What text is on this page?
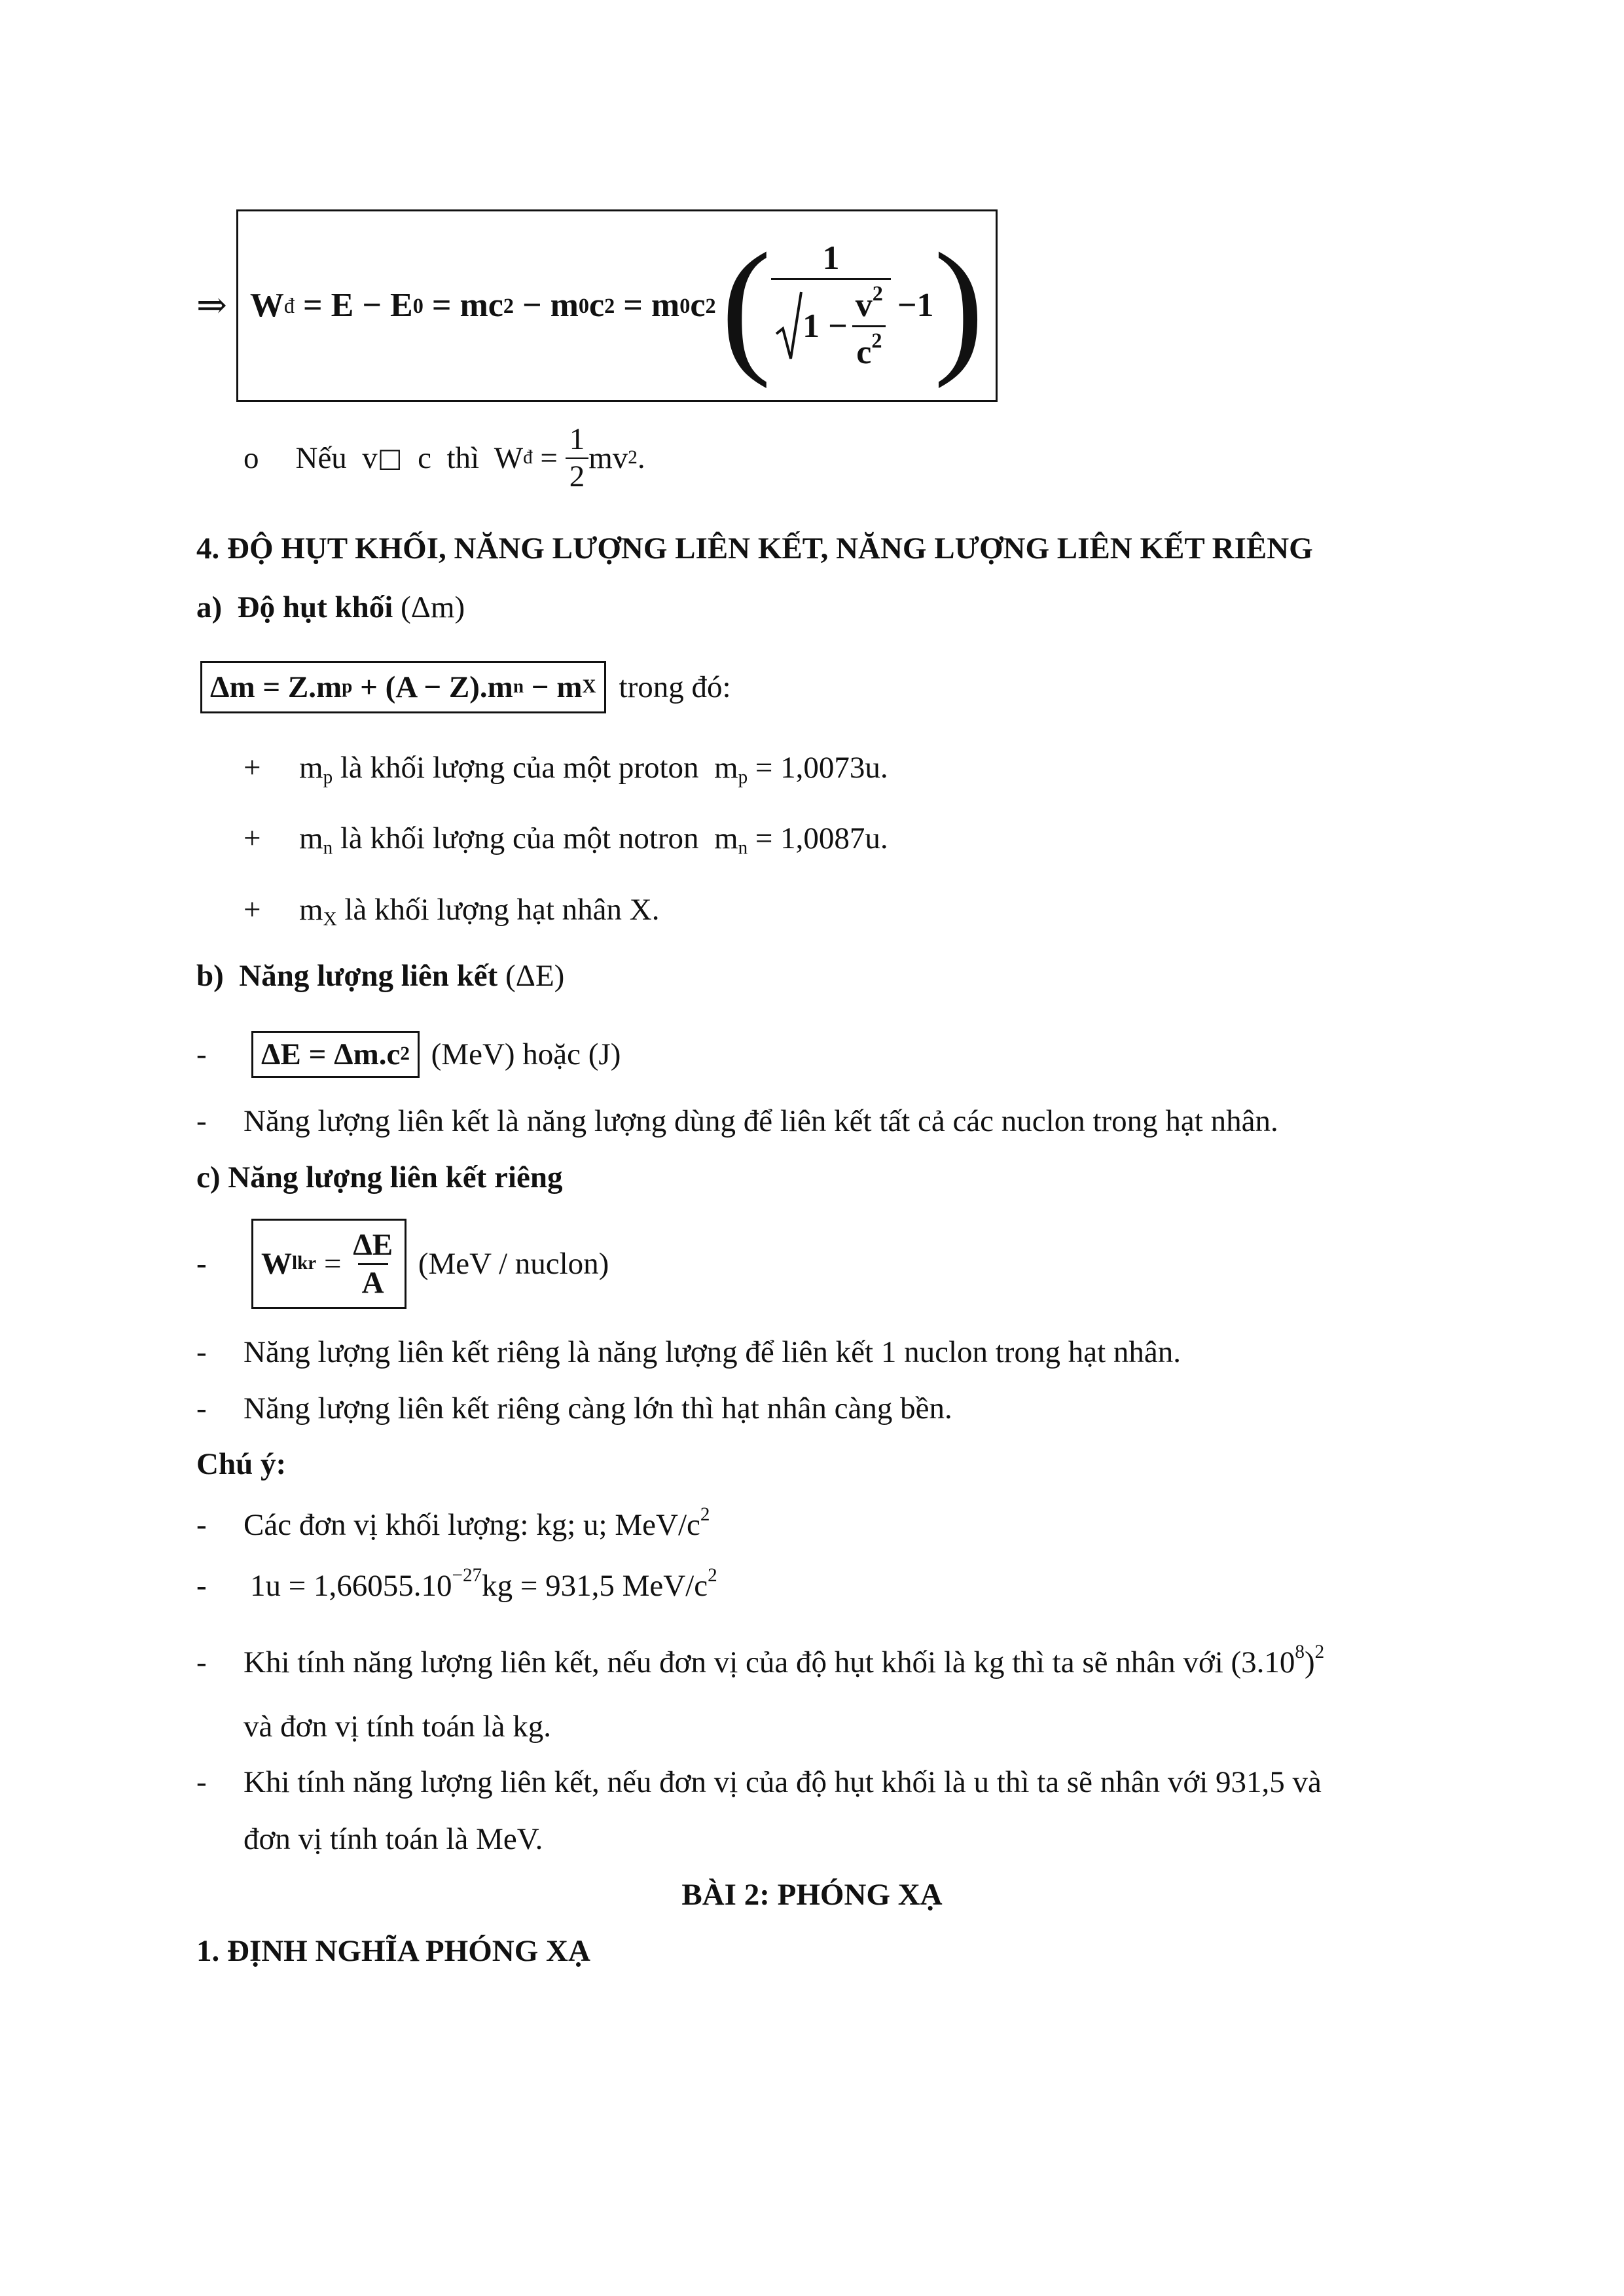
⇒ W đ = E − E 0 = mc 2 − m 0 c 2 = m 0 c 2 ( $\frac{1}{1 - \frac{v^2}{c^2}} -1$ )
o Nếu  v □ c  thì  W đ = $\frac{1}{2}$ mv 2 .
4. ĐỘ HỤT KHỐI, NĂNG LƯỢNG LIÊN KẾT, NĂNG LƯỢNG LIÊN KẾT RIÊNG
a)  Độ hụt khối (Δm)
Δm = Z.m p + (A − Z).m n − m X trong đó:
+ $m_p$ là khối lượng của một proton  $m_p = 1,0073u$.
+ $m_n$ là khối lượng của một notron  $m_n = 1,0087u$.
+ $m_X$ là khối lượng hạt nhân X.
b)  Năng lượng liên kết (ΔE)
-	ΔE = Δm.c 2 (MeV) hoặc (J)
- Năng lượng liên kết là năng lượng dùng để liên kết tất cả các nuclon trong hạt nhân.
c) Năng lượng liên kết riêng
-	W lkr = $\frac{\Delta E}{A} (MeV$ / nuclon)
- Năng lượng liên kết riêng là năng lượng để liên kết 1 nuclon trong hạt nhân.
- Năng lượng liên kết riêng càng lớn thì hạt nhân càng bền.
Chú ý:
- Các đơn vị khối lượng: kg; u; MeV/$c^2$
- $1u = 1,66055.10^{-27}kg = 931,5$ MeV/$c^2$
- Khi tính năng lượng liên kết, nếu đơn vị của độ hụt khối là kg thì ta sẽ nhân với $(3.10^8)^2$
và đơn vị tính toán là kg.
- Khi tính năng lượng liên kết, nếu đơn vị của độ hụt khối là u thì ta sẽ nhân với 931,5 và
đơn vị tính toán là MeV.
BÀI 2: PHÓNG XẠ
1. ĐỊNH NGHĨA PHÓNG XẠ
